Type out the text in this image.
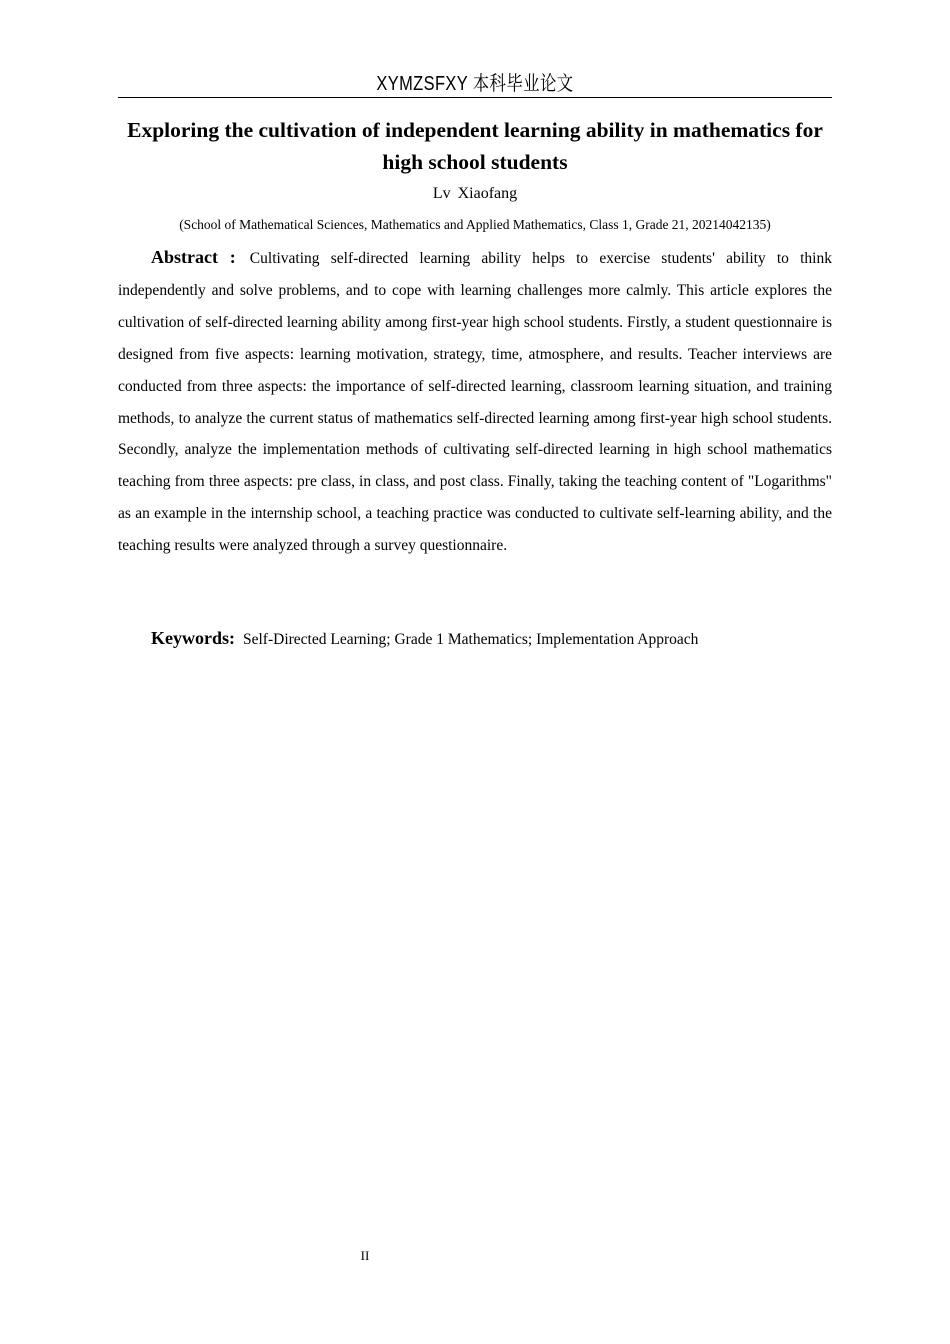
XYMZSFXY 本科毕业论文
Exploring the cultivation of independent learning ability in mathematics for high school students
Lv Xiaofang
(School of Mathematical Sciences, Mathematics and Applied Mathematics, Class 1, Grade 21, 20214042135)

Abstract : Cultivating self-directed learning ability helps to exercise students' ability to think independently and solve problems, and to cope with learning challenges more calmly. This article explores the cultivation of self-directed learning ability among first-year high school students. Firstly, a student questionnaire is designed from five aspects: learning motivation, strategy, time, atmosphere, and results. Teacher interviews are conducted from three aspects: the importance of self-directed learning, classroom learning situation, and training methods, to analyze the current status of mathematics self-directed learning among first-year high school students. Secondly, analyze the implementation methods of cultivating self-directed learning in high school mathematics teaching from three aspects: pre class, in class, and post class. Finally, taking the teaching content of "Logarithms" as an example in the internship school, a teaching practice was conducted to cultivate self-learning ability, and the teaching results were analyzed through a survey questionnaire.

Keywords: Self-Directed Learning; Grade 1 Mathematics; Implementation Approach

II
